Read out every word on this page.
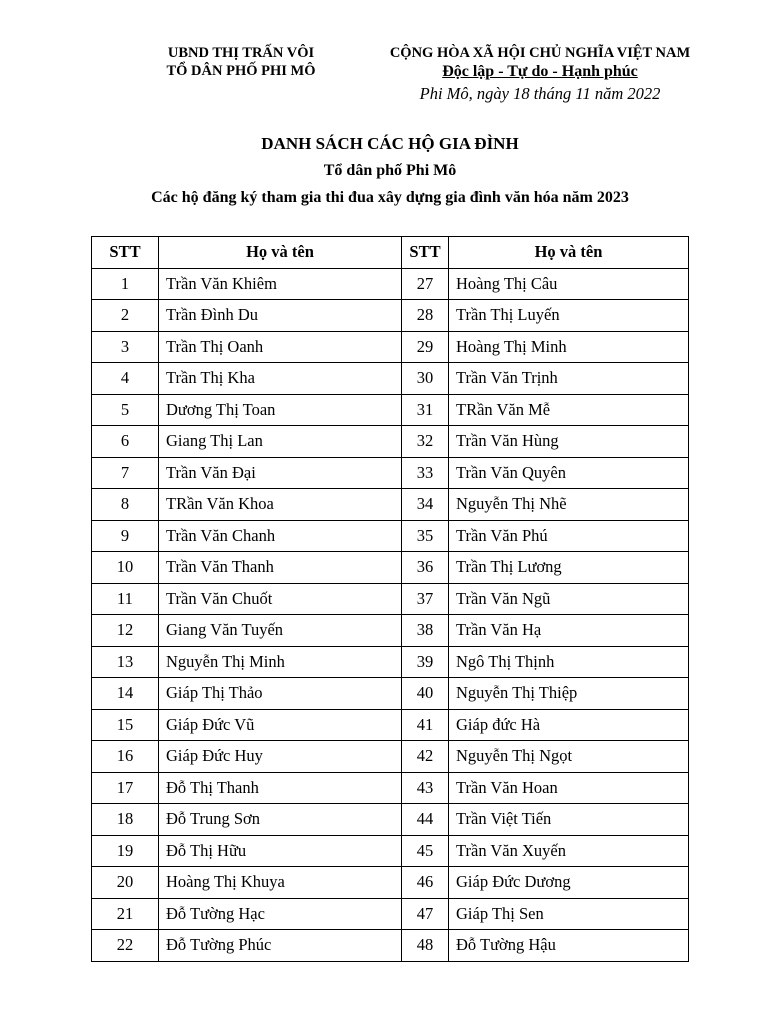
UBND THỊ TRẤN VÔI
TỔ DÂN PHỐ PHI MÔ
CỘNG HÒA XÃ HỘI CHỦ NGHĨA VIỆT NAM
Độc lập - Tự do - Hạnh phúc
Phi Mô, ngày 18 tháng 11 năm 2022
DANH SÁCH CÁC HỘ GIA ĐÌNH
Tổ dân phố Phi Mô
Các hộ đăng ký tham gia thi đua xây dựng gia đình văn hóa năm 2023
STT	Họ và tên	STT	Họ và tên
1	Trần Văn Khiêm	27	Hoàng Thị Câu
2	Trần Đình Du	28	Trần Thị Luyến
3	Trần Thị Oanh	29	Hoàng Thị Minh
4	Trần Thị Kha	30	Trần Văn Trịnh
5	Dương Thị Toan	31	TRần Văn Mễ
6	Giang Thị Lan	32	Trần Văn Hùng
7	Trần Văn Đại	33	Trần Văn Quyên
8	TRần Văn Khoa	34	Nguyễn Thị Nhẽ
9	Trần Văn Chanh	35	Trần Văn Phú
10	Trần Văn Thanh	36	Trần Thị Lương
11	Trần Văn Chuốt	37	Trần Văn Ngũ
12	Giang Văn Tuyến	38	Trần Văn Hạ
13	Nguyễn Thị Minh	39	Ngô Thị Thịnh
14	Giáp Thị Thảo	40	Nguyễn Thị Thiệp
15	Giáp Đức Vũ	41	Giáp đức Hà
16	Giáp Đức Huy	42	Nguyễn Thị Ngọt
17	Đỗ Thị Thanh	43	Trần Văn Hoan
18	Đỗ Trung Sơn	44	Trần Việt Tiến
19	Đỗ Thị Hữu	45	Trần Văn Xuyến
20	Hoàng Thị Khuya	46	Giáp Đức Dương
21	Đỗ Tường Hạc	47	Giáp Thị Sen
22	Đỗ Tường Phúc	48	Đỗ Tường Hậu
